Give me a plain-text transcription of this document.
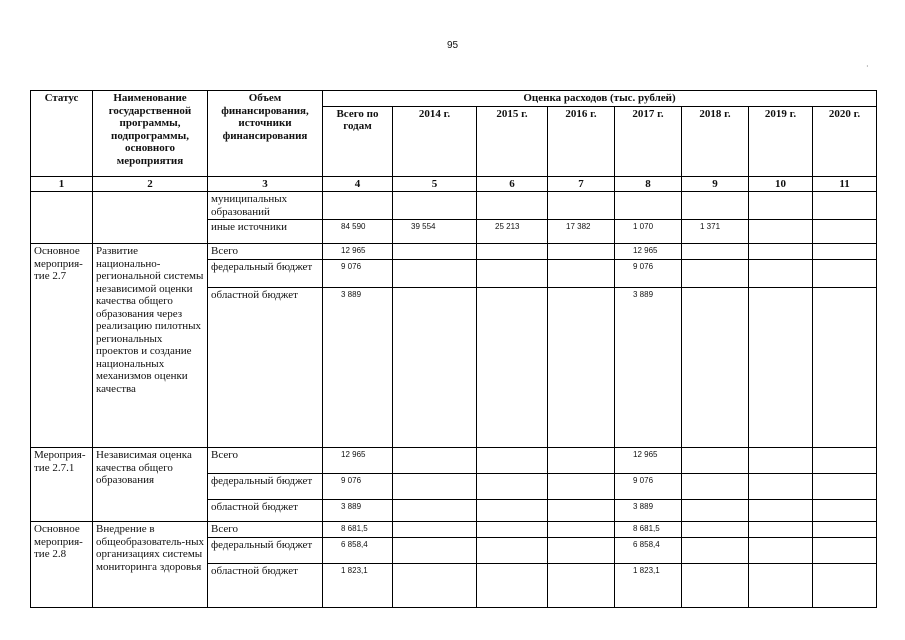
95
·
Статус	Наименование государственной программы, подпрограммы, основного мероприятия	Объем финансирования, источники финансирования	Оценка расходов (тыс. рублей)							
			Всего по годам	2014 г.	2015 г.	2016 г.	2017 г.	2018 г.	2019 г.	2020 г.
1	2	3	4	5	6	7	8	9	10	11
		муниципальных образований								
		иные источники	84 590	39 554	25 213	17 382	1 070	1 371		
Основное мероприя-тие 2.7	Развитие национально-региональной системы независимой оценки качества общего образования через реализацию пилотных региональных проектов и создание национальных механизмов оценки качества	Всего	12 965				12 965			
		федеральный бюджет	9 076				9 076			
		областной бюджет	3 889				3 889			
Мероприя-тие 2.7.1	Независимая оценка качества общего образования	Всего	12 965				12 965			
		федеральный бюджет	9 076				9 076			
		областной бюджет	3 889				3 889			
Основное мероприя-тие 2.8	Внедрение в общеобразователь-ных организациях системы мониторинга здоровья	Всего	8 681,5				8 681,5			
		федеральный бюджет	6 858,4				6 858,4			
		областной бюджет	1 823,1				1 823,1			
